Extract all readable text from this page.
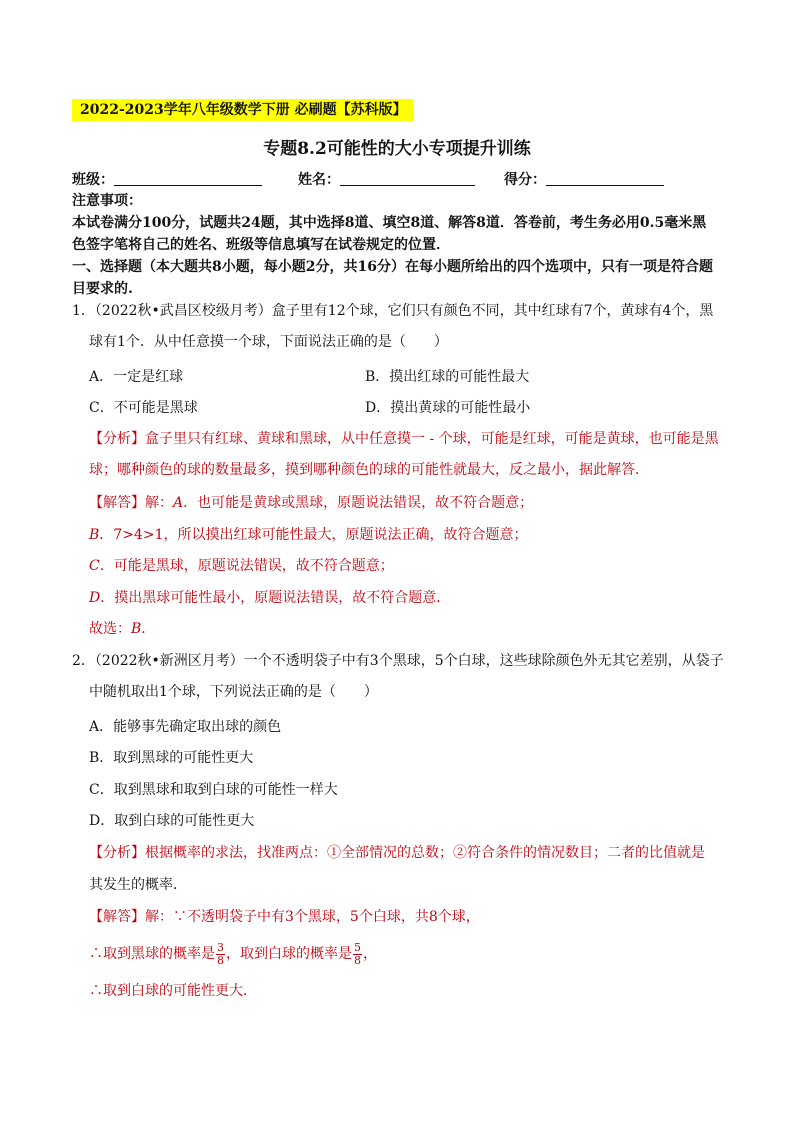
2022-2023学年八年级数学下册 必刷题【苏科版】
专题8.2可能性的大小专项提升训练
班级：	姓名：	得分：
注意事项：
本试卷满分100分，试题共24题，其中选择8道、填空8道、解答8道．答卷前，考生务必用0.5毫米黑
色签字笔将自己的姓名、班级等信息填写在试卷规定的位置．
一、选择题（本大题共8小题，每小题2分，共16分）在每小题所给出的四个选项中，只有一项是符合题
目要求的.
1．（2022秋•武昌区校级月考）盒子里有12个球，它们只有颜色不同，其中红球有7个，黄球有4个，黑
球有1个．从中任意摸一个球，下面说法正确的是（　　）
A．一定是红球	B．摸出红球的可能性最大
C．不可能是黑球	D．摸出黄球的可能性最小
【分析】盒子里只有红球、黄球和黑球，从中任意摸一 - 个球，可能是红球，可能是黄球，也可能是黑
球；哪种颜色的球的数量最多，摸到哪种颜色的球的可能性就最大，反之最小，据此解答．
【解答】解：A．也可能是黄球或黑球，原题说法错误，故不符合题意；
B．7>4>1，所以摸出红球可能性最大，原题说法正确，故符合题意；
C．可能是黑球，原题说法错误，故不符合题意；
D．摸出黑球可能性最小，原题说法错误，故不符合题意．
故选：B．
2．（2022秋•新洲区月考）一个不透明袋子中有3个黑球，5个白球，这些球除颜色外无其它差别，从袋子
中随机取出1个球，下列说法正确的是（　　）
A．能够事先确定取出球的颜色
B．取到黑球的可能性更大
C．取到黑球和取到白球的可能性一样大
D．取到白球的可能性更大
【分析】根据概率的求法，找准两点：①全部情况的总数；②符合条件的情况数目；二者的比值就是
其发生的概率．
【解答】解：∵不透明袋子中有3个黑球，5个白球，共8个球，
∴取到黑球的概率是 $\frac{3}{8}$ ，取到白球的概率是 $\frac{5}{8}$ ，
∴取到白球的可能性更大．
